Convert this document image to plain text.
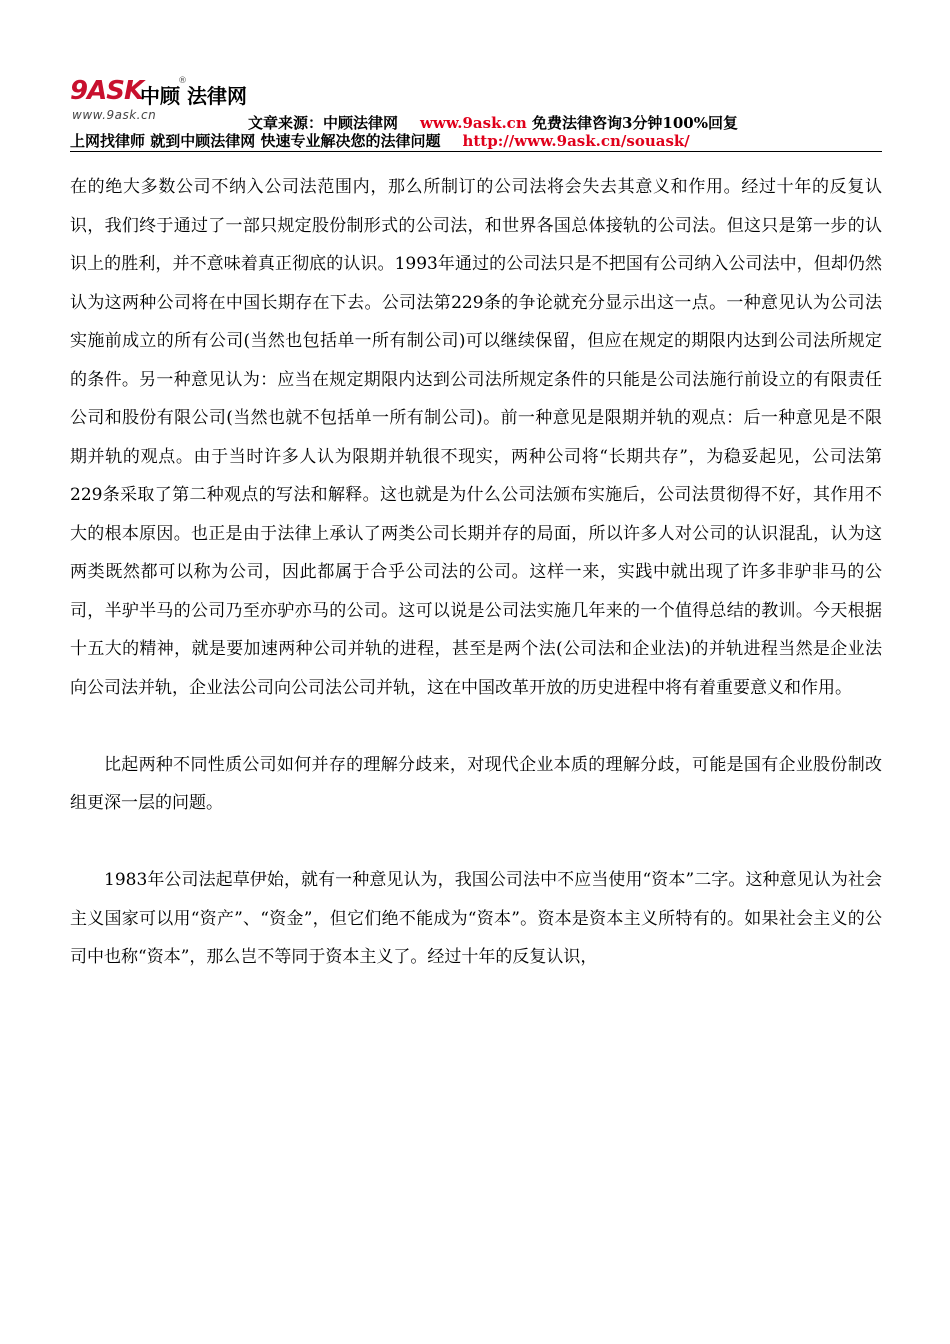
9ASK
中顾 法律网
®
www.9ask.cn	文章来源：中顾法律网 www.9ask.cn 免费法律咨询3分钟100%回复
上网找律师 就到中顾法律网 快速专业解决您的法律问题 http://www.9ask.cn/souask/

在的绝大多数公司不纳入公司法范围内，那么所制订的公司法将会失去其意义和作用。经过十年的反复认识，我们终于通过了一部只规定股份制形式的公司法，和世界各国总体接轨的公司法。但这只是第一步的认识上的胜利，并不意味着真正彻底的认识。1993年通过的公司法只是不把国有公司纳入公司法中，但却仍然认为这两种公司将在中国长期存在下去。公司法第229条的争论就充分显示出这一点。一种意见认为公司法实施前成立的所有公司(当然也包括单一所有制公司)可以继续保留，但应在规定的期限内达到公司法所规定的条件。另一种意见认为：应当在规定期限内达到公司法所规定条件的只能是公司法施行前设立的有限责任公司和股份有限公司(当然也就不包括单一所有制公司)。前一种意见是限期并轨的观点：后一种意见是不限期并轨的观点。由于当时许多人认为限期并轨很不现实，两种公司将“长期共存”，为稳妥起见，公司法第229条采取了第二种观点的写法和解释。这也就是为什么公司法颁布实施后，公司法贯彻得不好，其作用不大的根本原因。也正是由于法律上承认了两类公司长期并存的局面，所以许多人对公司的认识混乱，认为这两类既然都可以称为公司，因此都属于合乎公司法的公司。这样一来，实践中就出现了许多非驴非马的公司，半驴半马的公司乃至亦驴亦马的公司。这可以说是公司法实施几年来的一个值得总结的教训。今天根据十五大的精神，就是要加速两种公司并轨的进程，甚至是两个法(公司法和企业法)的并轨进程当然是企业法向公司法并轨，企业法公司向公司法公司并轨，这在中国改革开放的历史进程中将有着重要意义和作用。

比起两种不同性质公司如何并存的理解分歧来，对现代企业本质的理解分歧，可能是国有企业股份制改组更深一层的问题。

1983年公司法起草伊始，就有一种意见认为，我国公司法中不应当使用“资本”二字。这种意见认为社会主义国家可以用“资产”、“资金”，但它们绝不能成为“资本”。资本是资本主义所特有的。如果社会主义的公司中也称“资本”，那么岂不等同于资本主义了。经过十年的反复认识，
